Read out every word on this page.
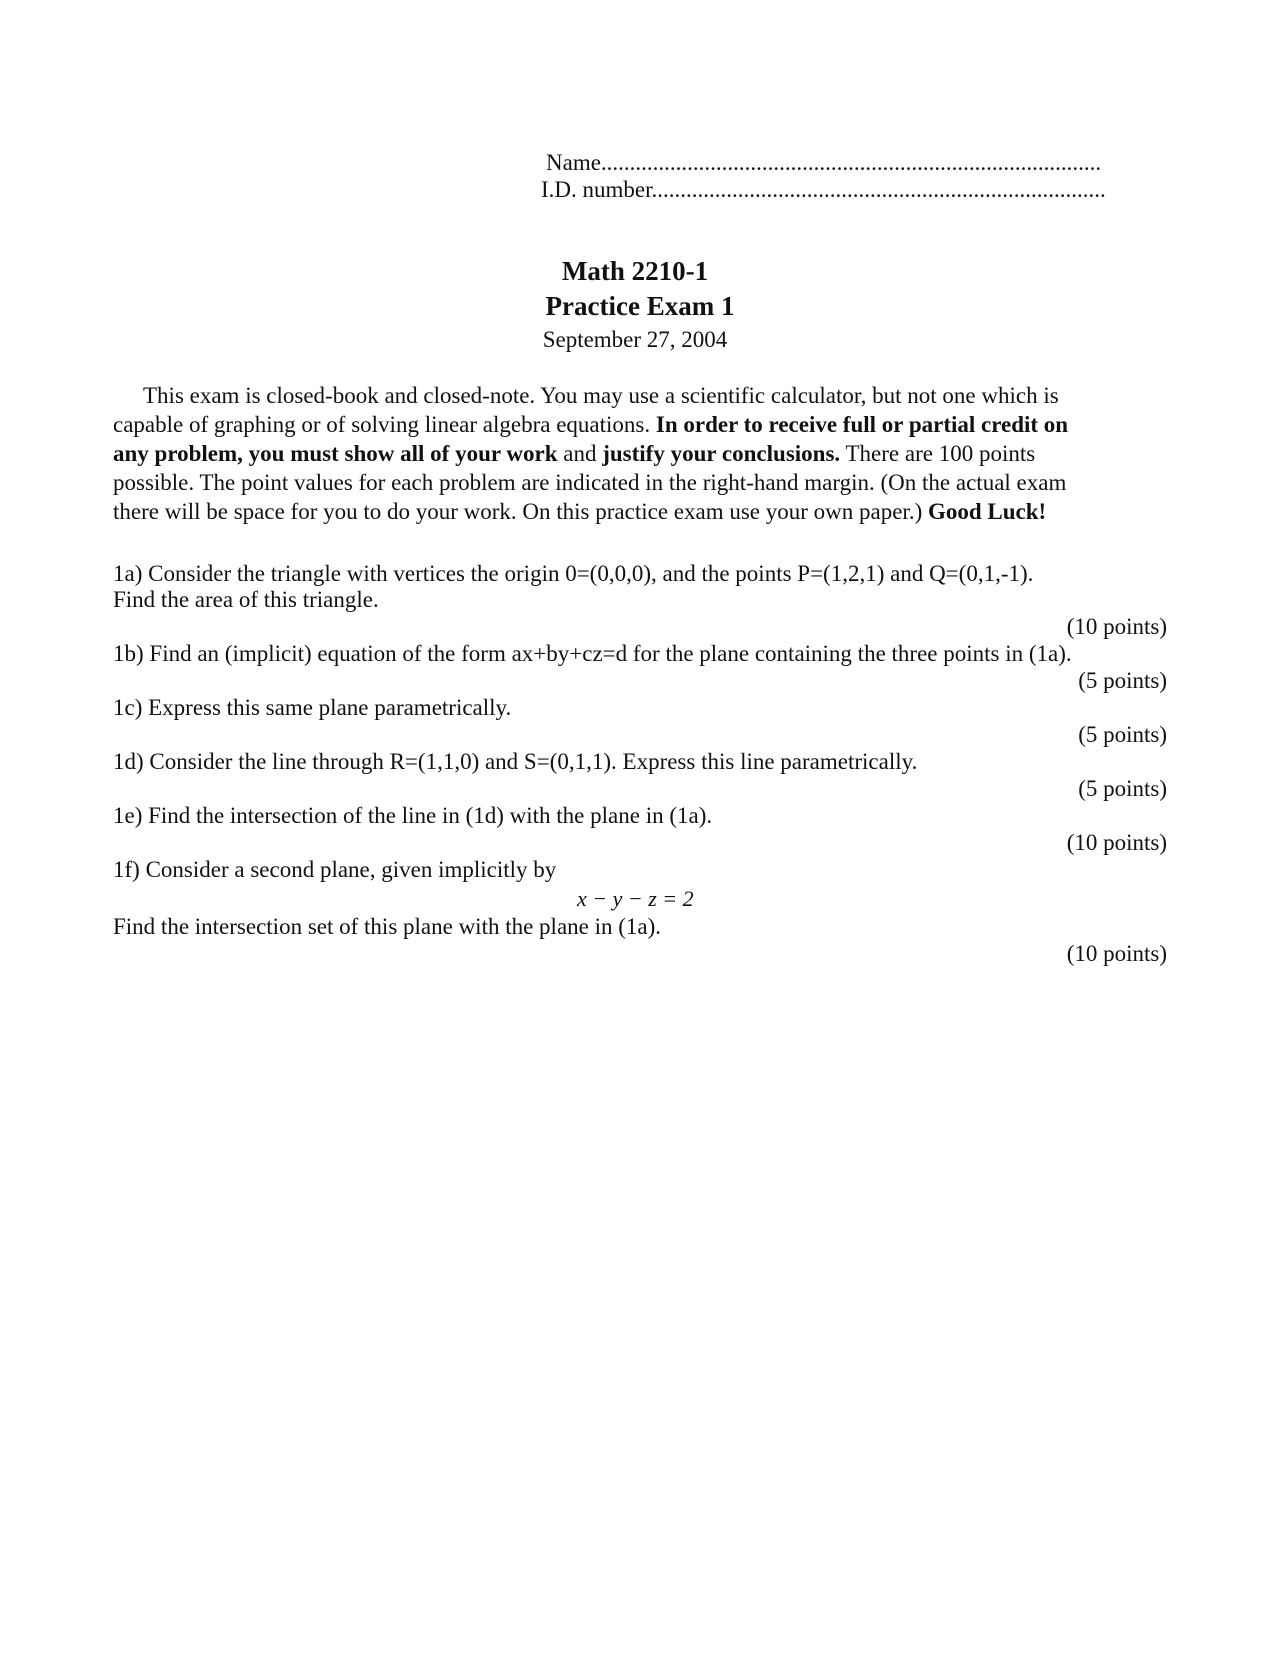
Name.......................................................................................
I.D. number...............................................................................
Math 2210-1
Practice Exam 1
September 27, 2004
This exam is closed-book and closed-note. You may use a scientific calculator, but not one which is
capable of graphing or of solving linear algebra equations. In order to receive full or partial credit on
any problem, you must show all of your work and justify your conclusions. There are 100 points
possible. The point values for each problem are indicated in the right-hand margin. (On the actual exam
there will be space for you to do your work. On this practice exam use your own paper.) Good Luck!
1a) Consider the triangle with vertices the origin 0=(0,0,0), and the points P=(1,2,1) and Q=(0,1,-1).
Find the area of this triangle.
(10 points)
1b) Find an (implicit) equation of the form ax+by+cz=d for the plane containing the three points in (1a).
(5 points)
1c) Express this same plane parametrically.
(5 points)
1d) Consider the line through R=(1,1,0) and S=(0,1,1). Express this line parametrically.
(5 points)
1e) Find the intersection of the line in (1d) with the plane in (1a).
(10 points)
1f) Consider a second plane, given implicitly by
x − y − z = 2
Find the intersection set of this plane with the plane in (1a).
(10 points)
